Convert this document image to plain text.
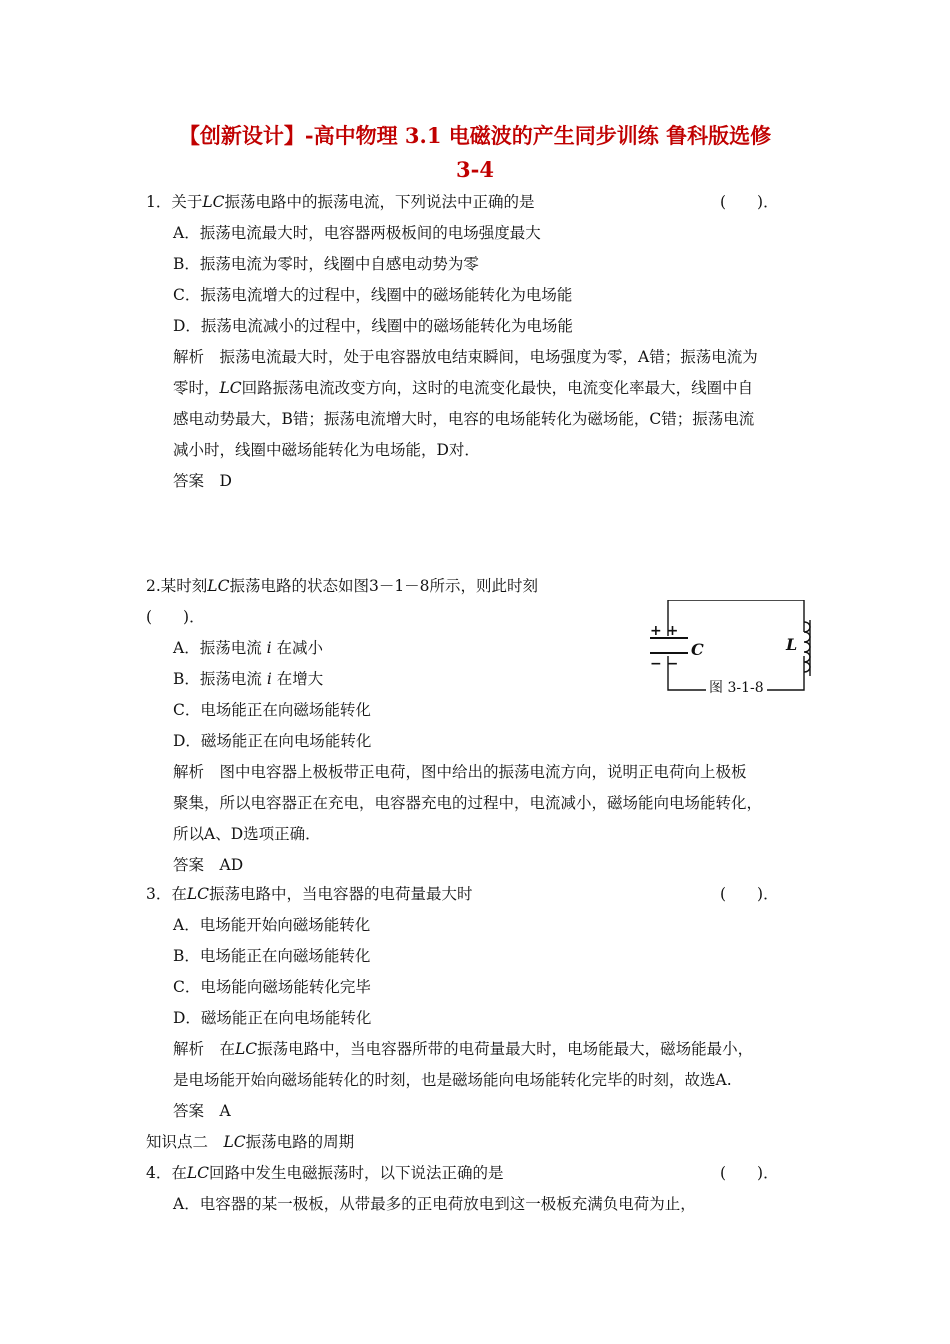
【创新设计】-高中物理 3.1 电磁波的产生同步训练 鲁科版选修
3-4
1．关于LC振荡电路中的振荡电流，下列说法中正确的是	(　　)．
A．振荡电流最大时，电容器两极板间的电场强度最大
B．振荡电流为零时，线圈中自感电动势为零
C．振荡电流增大的过程中，线圈中的磁场能转化为电场能
D．振荡电流减小的过程中，线圈中的磁场能转化为电场能
解析　振荡电流最大时，处于电容器放电结束瞬间，电场强度为零，A错；振荡电流为
零时，LC回路振荡电流改变方向，这时的电流变化最快，电流变化率最大，线圈中自
感电动势最大，B错；振荡电流增大时，电容的电场能转化为磁场能，C错；振荡电流
减小时，线圈中磁场能转化为电场能，D对．
答案　D
2.某时刻LC振荡电路的状态如图3－1－8所示，则此时刻
(　　)．
A．振荡电流 i 在减小
B．振荡电流 i 在增大
C．电场能正在向磁场能转化
D．磁场能正在向电场能转化
解析　图中电容器上极板带正电荷，图中给出的振荡电流方向，说明正电荷向上极板
聚集，所以电容器正在充电，电容器充电的过程中，电流减小，磁场能向电场能转化，
所以A、D选项正确．
答案　AD
+ +
− −
C	L
图 3-1-8
3．在LC振荡电路中，当电容器的电荷量最大时	(　　)．
A．电场能开始向磁场能转化
B．电场能正在向磁场能转化
C．电场能向磁场能转化完毕
D．磁场能正在向电场能转化
解析　在LC振荡电路中，当电容器所带的电荷量最大时，电场能最大，磁场能最小，
是电场能开始向磁场能转化的时刻，也是磁场能向电场能转化完毕的时刻，故选A.
答案　A
知识点二　LC振荡电路的周期
4．在LC回路中发生电磁振荡时，以下说法正确的是	(　　)．
A．电容器的某一极板，从带最多的正电荷放电到这一极板充满负电荷为止，
